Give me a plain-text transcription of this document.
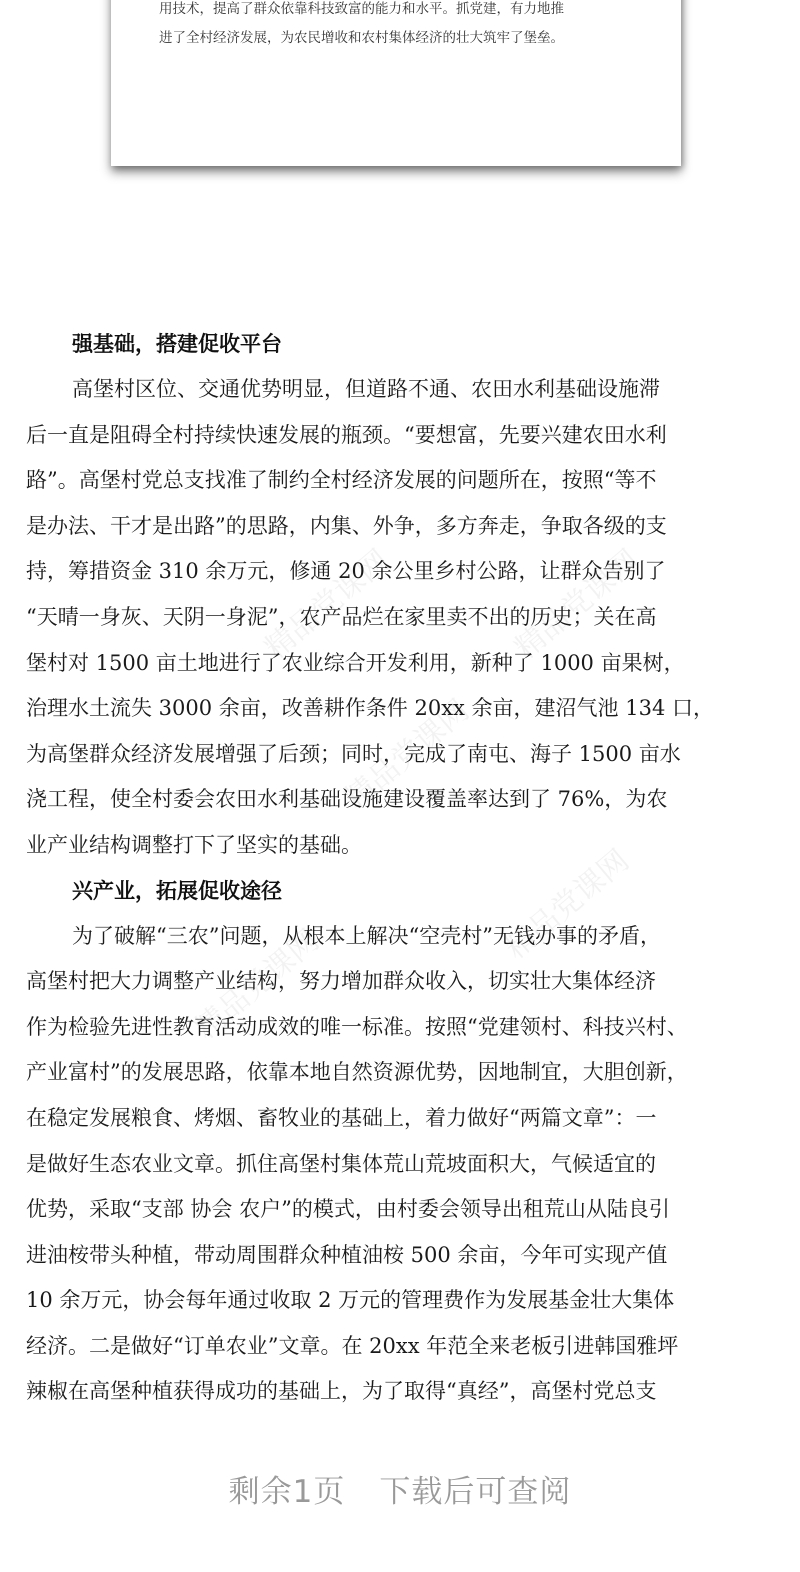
用技术，提高了群众依靠科技致富的能力和水平。抓党建，有力地推

进了全村经济发展，为农民增收和农村集体经济的壮大筑牢了堡垒。

精品党课网	精品党课网
精品党课网
精品党课网
精品党课网
强基础，搭建促收平台

高堡村区位、交通优势明显，但道路不通、农田水利基础设施滞

后一直是阻碍全村持续快速发展的瓶颈。“要想富，先要兴建农田水利

路”。高堡村党总支找准了制约全村经济发展的问题所在，按照“等不

是办法、干才是出路”的思路，内集、外争，多方奔走，争取各级的支

持，筹措资金 310 余万元，修通 20 余公里乡村公路，让群众告别了

“天晴一身灰、天阴一身泥”，农产品烂在家里卖不出的历史；关在高

堡村对 1500 亩土地进行了农业综合开发利用，新种了 1000 亩果树，

治理水土流失 3000 余亩，改善耕作条件 20xx 余亩，建沼气池 134 口，

为高堡群众经济发展增强了后颈；同时，完成了南屯、海子 1500 亩水

浇工程，使全村委会农田水利基础设施建设覆盖率达到了 76%，为农

业产业结构调整打下了坚实的基础。

兴产业，拓展促收途径

为了破解“三农”问题，从根本上解决“空壳村”无钱办事的矛盾，

高堡村把大力调整产业结构，努力增加群众收入，切实壮大集体经济

作为检验先进性教育活动成效的唯一标准。按照“党建领村、科技兴村、

产业富村”的发展思路，依靠本地自然资源优势，因地制宜，大胆创新，

在稳定发展粮食、烤烟、畜牧业的基础上，着力做好“两篇文章”：一

是做好生态农业文章。抓住高堡村集体荒山荒坡面积大，气候适宜的

优势，采取“支部 协会 农户”的模式，由村委会领导出租荒山从陆良引

进油桉带头种植，带动周围群众种植油桉 500 余亩，今年可实现产值

10 余万元，协会每年通过收取 2 万元的管理费作为发展基金壮大集体

经济。二是做好“订单农业”文章。在 20xx 年范全来老板引进韩国雅坪

辣椒在高堡种植获得成功的基础上，为了取得“真经”，高堡村党总支

剩余1页 下载后可查阅
